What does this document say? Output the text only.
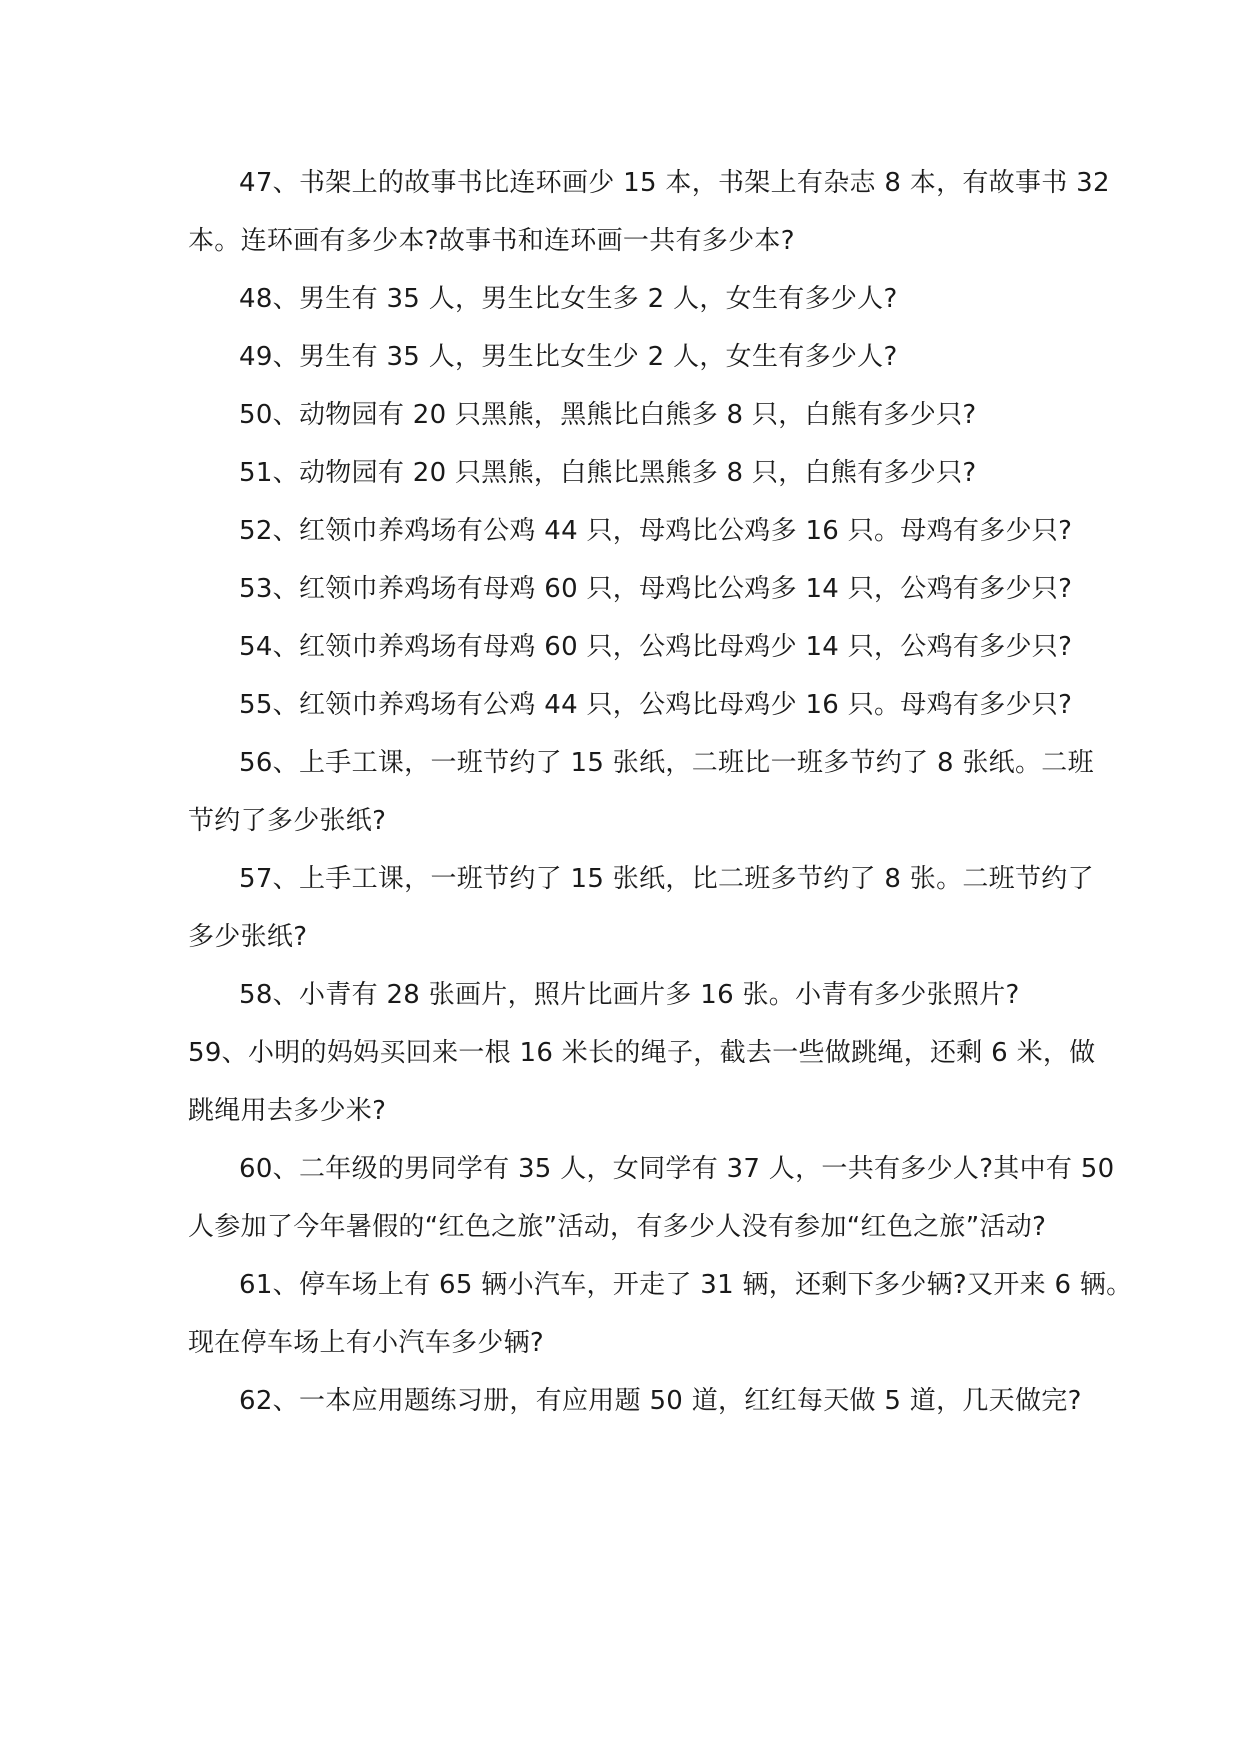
47、书架上的故事书比连环画少 15 本，书架上有杂志 8 本，有故事书 32
本。连环画有多少本?故事书和连环画一共有多少本?
48、男生有 35 人，男生比女生多 2 人，女生有多少人?
49、男生有 35 人，男生比女生少 2 人，女生有多少人?
50、动物园有 20 只黑熊，黑熊比白熊多 8 只，白熊有多少只?
51、动物园有 20 只黑熊，白熊比黑熊多 8 只，白熊有多少只?
52、红领巾养鸡场有公鸡 44 只，母鸡比公鸡多 16 只。母鸡有多少只?
53、红领巾养鸡场有母鸡 60 只，母鸡比公鸡多 14 只，公鸡有多少只?
54、红领巾养鸡场有母鸡 60 只，公鸡比母鸡少 14 只，公鸡有多少只?
55、红领巾养鸡场有公鸡 44 只，公鸡比母鸡少 16 只。母鸡有多少只?
56、上手工课，一班节约了 15 张纸，二班比一班多节约了 8 张纸。二班
节约了多少张纸?
57、上手工课，一班节约了 15 张纸，比二班多节约了 8 张。二班节约了
多少张纸?
58、小青有 28 张画片，照片比画片多 16 张。小青有多少张照片?
59、小明的妈妈买回来一根 16 米长的绳子，截去一些做跳绳，还剩 6 米，做
跳绳用去多少米?
60、二年级的男同学有 35 人，女同学有 37 人，一共有多少人?其中有 50
人参加了今年暑假的“红色之旅”活动，有多少人没有参加“红色之旅”活动?
61、停车场上有 65 辆小汽车，开走了 31 辆，还剩下多少辆?又开来 6 辆。
现在停车场上有小汽车多少辆?
62、一本应用题练习册，有应用题 50 道，红红每天做 5 道，几天做完?
